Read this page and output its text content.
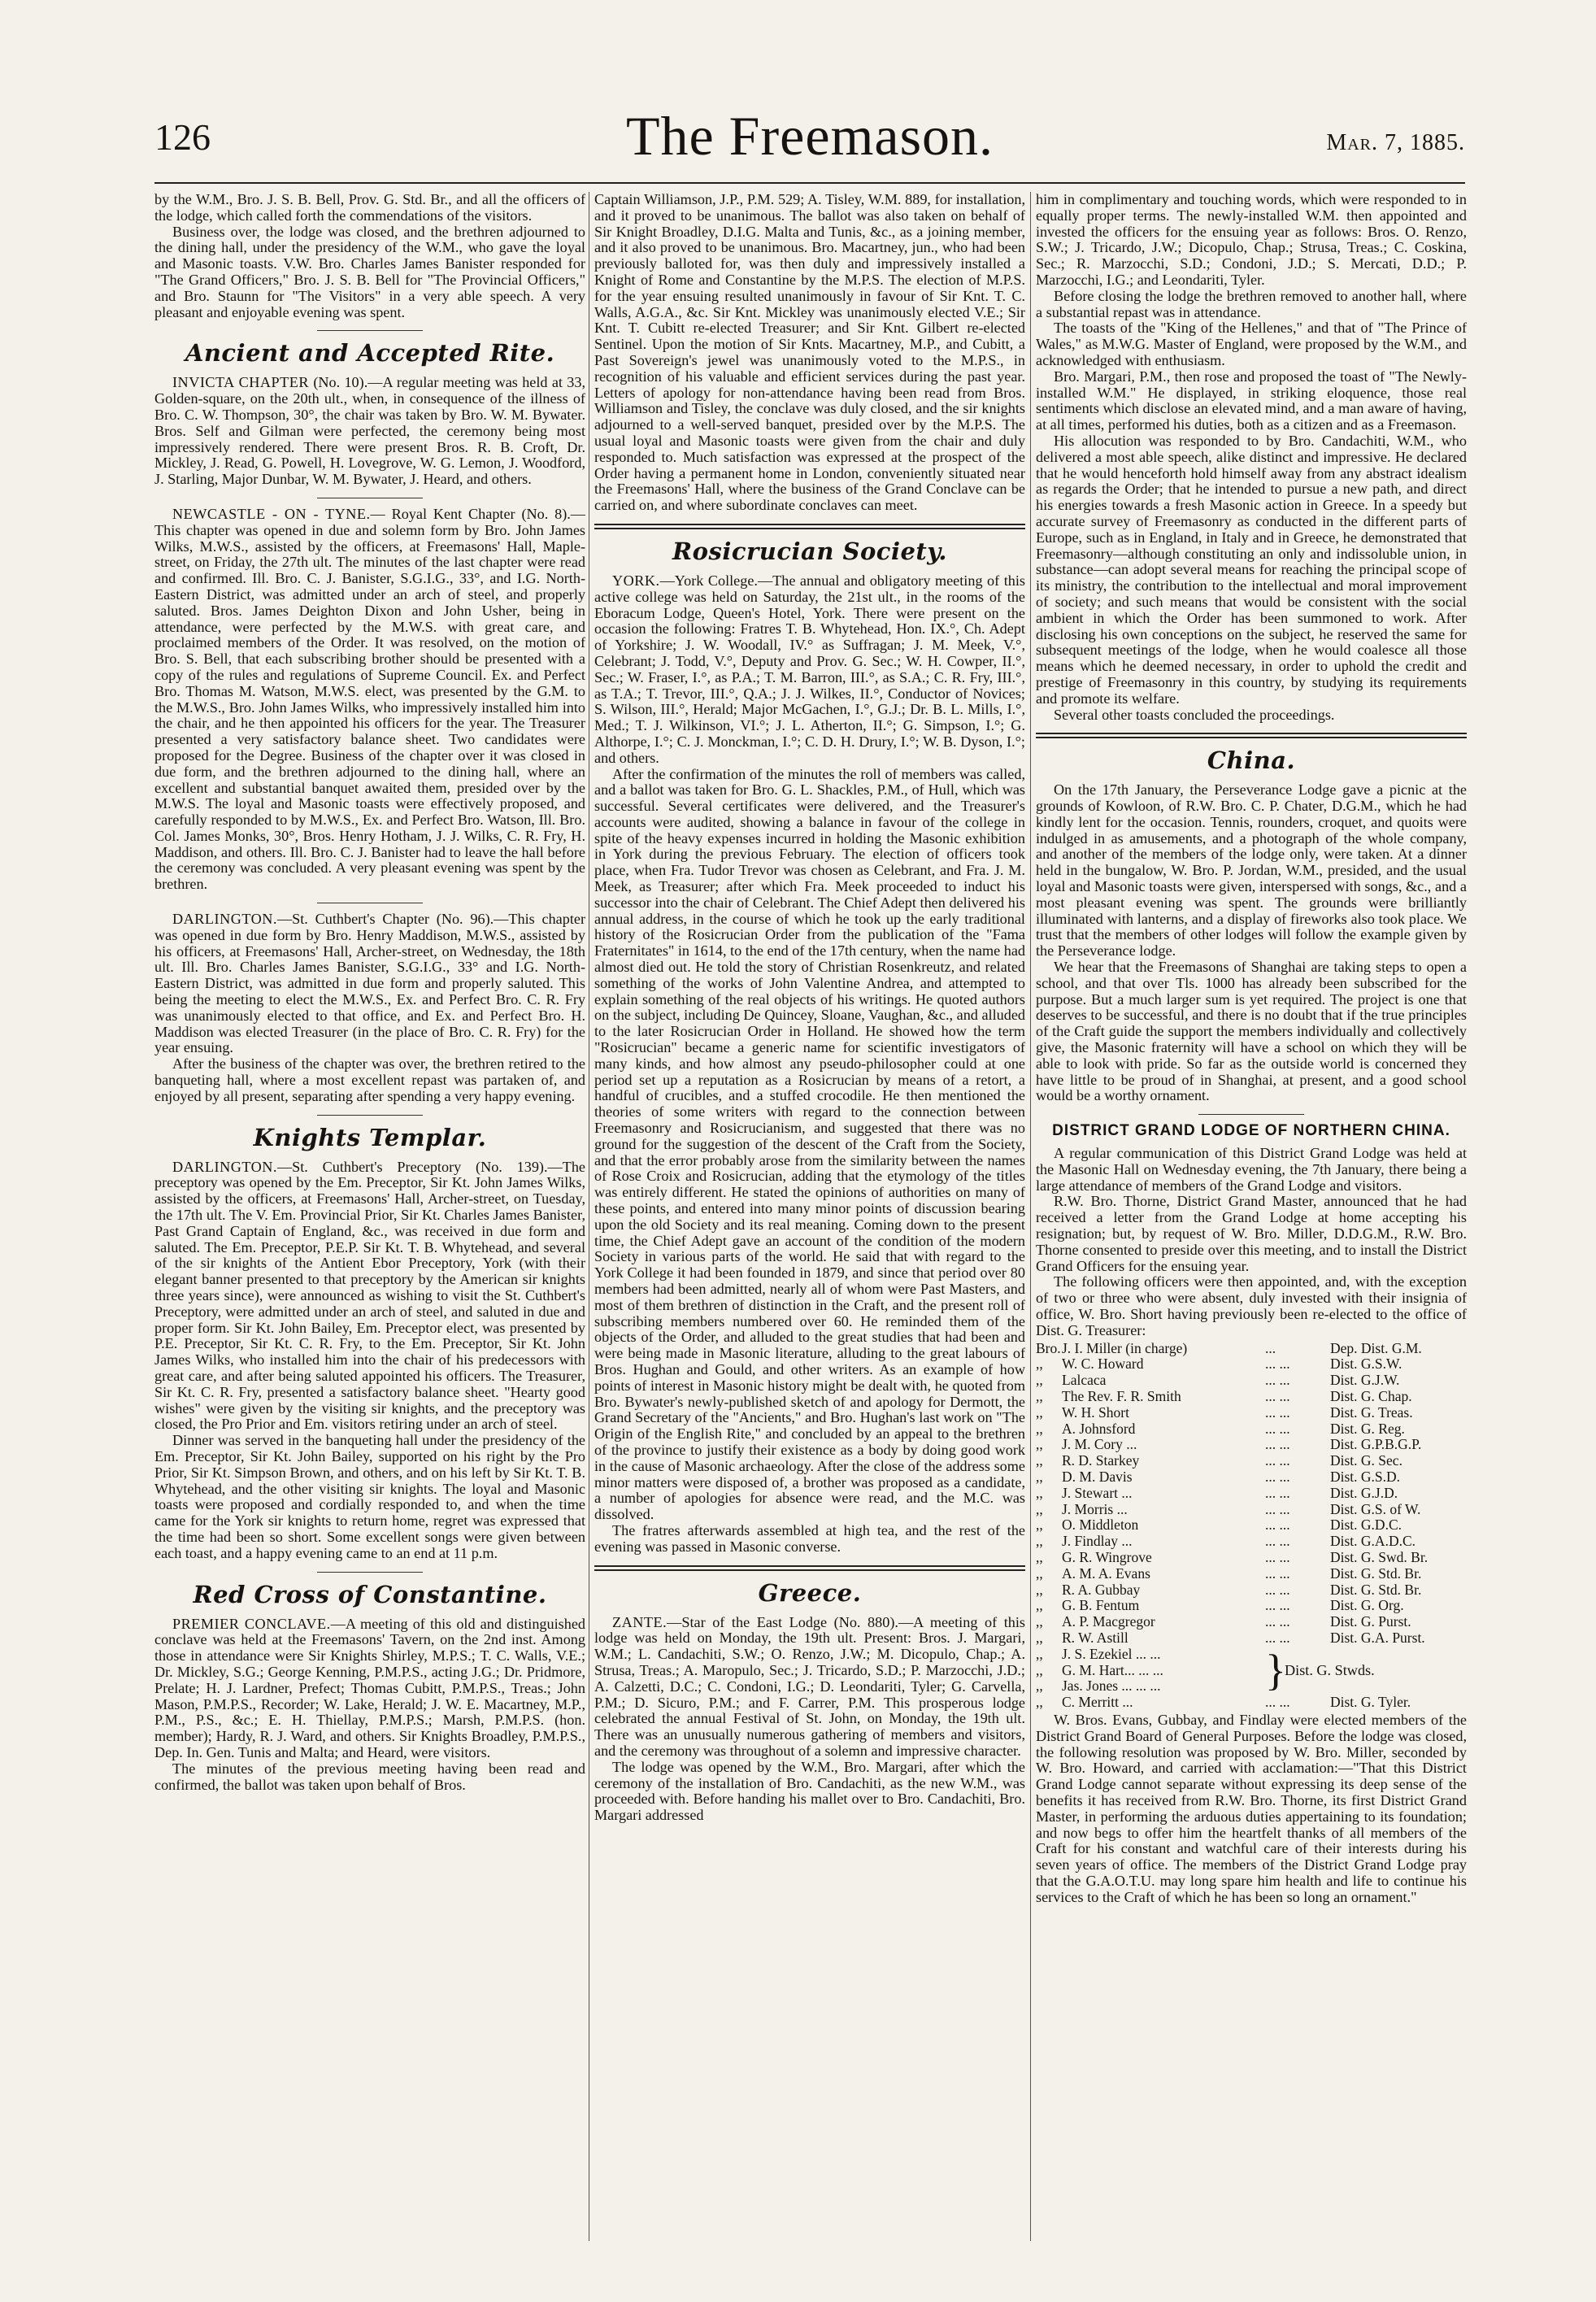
126	The Freemason.	Mar. 7, 1885.

by the W.M., Bro. J. S. B. Bell, Prov. G. Std. Br., and all the officers of the lodge, which called forth the commendations of the visitors.

Business over, the lodge was closed, and the brethren adjourned to the dining hall, under the presidency of the W.M., who gave the loyal and Masonic toasts. V.W. Bro. Charles James Banister responded for "The Grand Officers," Bro. J. S. B. Bell for "The Provincial Officers," and Bro. Staunn for "The Visitors" in a very able speech. A very pleasant and enjoyable evening was spent.

Ancient and Accepted Rite.

INVICTA CHAPTER (No. 10).—A regular meeting was held at 33, Golden-square, on the 20th ult., when, in consequence of the illness of Bro. C. W. Thompson, 30°, the chair was taken by Bro. W. M. Bywater. Bros. Self and Gilman were perfected, the ceremony being most impressively rendered. There were present Bros. R. B. Croft, Dr. Mickley, J. Read, G. Powell, H. Lovegrove, W. G. Lemon, J. Woodford, J. Starling, Major Dunbar, W. M. Bywater, J. Heard, and others.

NEWCASTLE - ON - TYNE.— Royal Kent Chapter (No. 8).—This chapter was opened in due and solemn form by Bro. John James Wilks, M.W.S., assisted by the officers, at Freemasons' Hall, Maple-street, on Friday, the 27th ult. The minutes of the last chapter were read and confirmed. Ill. Bro. C. J. Banister, S.G.I.G., 33°, and I.G. North-Eastern District, was admitted under an arch of steel, and properly saluted. Bros. James Deighton Dixon and John Usher, being in attendance, were perfected by the M.W.S. with great care, and proclaimed members of the Order. It was resolved, on the motion of Bro. S. Bell, that each subscribing brother should be presented with a copy of the rules and regulations of Supreme Council. Ex. and Perfect Bro. Thomas M. Watson, M.W.S. elect, was presented by the G.M. to the M.W.S., Bro. John James Wilks, who impressively installed him into the chair, and he then appointed his officers for the year. The Treasurer presented a very satisfactory balance sheet. Two candidates were proposed for the Degree. Business of the chapter over it was closed in due form, and the brethren adjourned to the dining hall, where an excellent and substantial banquet awaited them, presided over by the M.W.S. The loyal and Masonic toasts were effectively proposed, and carefully responded to by M.W.S., Ex. and Perfect Bro. Watson, Ill. Bro. Col. James Monks, 30°, Bros. Henry Hotham, J. J. Wilks, C. R. Fry, H. Maddison, and others. Ill. Bro. C. J. Banister had to leave the hall before the ceremony was concluded. A very pleasant evening was spent by the brethren.

DARLINGTON.—St. Cuthbert's Chapter (No. 96).—This chapter was opened in due form by Bro. Henry Maddison, M.W.S., assisted by his officers, at Freemasons' Hall, Archer-street, on Wednesday, the 18th ult. Ill. Bro. Charles James Banister, S.G.I.G., 33° and I.G. North-Eastern District, was admitted in due form and properly saluted. This being the meeting to elect the M.W.S., Ex. and Perfect Bro. C. R. Fry was unanimously elected to that office, and Ex. and Perfect Bro. H. Maddison was elected Treasurer (in the place of Bro. C. R. Fry) for the year ensuing.

After the business of the chapter was over, the brethren retired to the banqueting hall, where a most excellent repast was partaken of, and enjoyed by all present, separating after spending a very happy evening.

Knights Templar.

DARLINGTON.—St. Cuthbert's Preceptory (No. 139).—The preceptory was opened by the Em. Preceptor, Sir Kt. John James Wilks, assisted by the officers, at Freemasons' Hall, Archer-street, on Tuesday, the 17th ult. The V. Em. Provincial Prior, Sir Kt. Charles James Banister, Past Grand Captain of England, &c., was received in due form and saluted. The Em. Preceptor, P.E.P. Sir Kt. T. B. Whytehead, and several of the sir knights of the Antient Ebor Preceptory, York (with their elegant banner presented to that preceptory by the American sir knights three years since), were announced as wishing to visit the St. Cuthbert's Preceptory, were admitted under an arch of steel, and saluted in due and proper form. Sir Kt. John Bailey, Em. Preceptor elect, was presented by P.E. Preceptor, Sir Kt. C. R. Fry, to the Em. Preceptor, Sir Kt. John James Wilks, who installed him into the chair of his predecessors with great care, and after being saluted appointed his officers. The Treasurer, Sir Kt. C. R. Fry, presented a satisfactory balance sheet. "Hearty good wishes" were given by the visiting sir knights, and the preceptory was closed, the Pro Prior and Em. visitors retiring under an arch of steel.

Dinner was served in the banqueting hall under the presidency of the Em. Preceptor, Sir Kt. John Bailey, supported on his right by the Pro Prior, Sir Kt. Simpson Brown, and others, and on his left by Sir Kt. T. B. Whytehead, and the other visiting sir knights. The loyal and Masonic toasts were proposed and cordially responded to, and when the time came for the York sir knights to return home, regret was expressed that the time had been so short. Some excellent songs were given between each toast, and a happy evening came to an end at 11 p.m.

Red Cross of Constantine.

PREMIER CONCLAVE.—A meeting of this old and distinguished conclave was held at the Freemasons' Tavern, on the 2nd inst. Among those in attendance were Sir Knights Shirley, M.P.S.; T. C. Walls, V.E.; Dr. Mickley, S.G.; George Kenning, P.M.P.S., acting J.G.; Dr. Pridmore, Prelate; H. J. Lardner, Prefect; Thomas Cubitt, P.M.P.S., Treas.; John Mason, P.M.P.S., Recorder; W. Lake, Herald; J. W. E. Macartney, M.P., P.M., P.S., &c.; E. H. Thiellay, P.M.P.S.; Marsh, P.M.P.S. (hon. member); Hardy, R. J. Ward, and others. Sir Knights Broadley, P.M.P.S., Dep. In. Gen. Tunis and Malta; and Heard, were visitors.

The minutes of the previous meeting having been read and confirmed, the ballot was taken upon behalf of Bros.

Captain Williamson, J.P., P.M. 529; A. Tisley, W.M. 889, for installation, and it proved to be unanimous. The ballot was also taken on behalf of Sir Knight Broadley, D.I.G. Malta and Tunis, &c., as a joining member, and it also proved to be unanimous. Bro. Macartney, jun., who had been previously balloted for, was then duly and impressively installed a Knight of Rome and Constantine by the M.P.S. The election of M.P.S. for the year ensuing resulted unanimously in favour of Sir Knt. T. C. Walls, A.G.A., &c. Sir Knt. Mickley was unanimously elected V.E.; Sir Knt. T. Cubitt re-elected Treasurer; and Sir Knt. Gilbert re-elected Sentinel. Upon the motion of Sir Knts. Macartney, M.P., and Cubitt, a Past Sovereign's jewel was unanimously voted to the M.P.S., in recognition of his valuable and efficient services during the past year. Letters of apology for non-attendance having been read from Bros. Williamson and Tisley, the conclave was duly closed, and the sir knights adjourned to a well-served banquet, presided over by the M.P.S. The usual loyal and Masonic toasts were given from the chair and duly responded to. Much satisfaction was expressed at the prospect of the Order having a permanent home in London, conveniently situated near the Freemasons' Hall, where the business of the Grand Conclave can be carried on, and where subordinate conclaves can meet.

Rosicrucian Society.

YORK.—York College.—The annual and obligatory meeting of this active college was held on Saturday, the 21st ult., in the rooms of the Eboracum Lodge, Queen's Hotel, York. There were present on the occasion the following: Fratres T. B. Whytehead, Hon. IX.°, Ch. Adept of Yorkshire; J. W. Woodall, IV.° as Suffragan; J. M. Meek, V.°, Celebrant; J. Todd, V.°, Deputy and Prov. G. Sec.; W. H. Cowper, II.°, Sec.; W. Fraser, I.°, as P.A.; T. M. Barron, III.°, as S.A.; C. R. Fry, III.°, as T.A.; T. Trevor, III.°, Q.A.; J. J. Wilkes, II.°, Conductor of Novices; S. Wilson, III.°, Herald; Major McGachen, I.°, G.J.; Dr. B. L. Mills, I.°, Med.; T. J. Wilkinson, VI.°; J. L. Atherton, II.°; G. Simpson, I.°; G. Althorpe, I.°; C. J. Monckman, I.°; C. D. H. Drury, I.°; W. B. Dyson, I.°; and others.

After the confirmation of the minutes the roll of members was called, and a ballot was taken for Bro. G. L. Shackles, P.M., of Hull, which was successful. Several certificates were delivered, and the Treasurer's accounts were audited, showing a balance in favour of the college in spite of the heavy expenses incurred in holding the Masonic exhibition in York during the previous February. The election of officers took place, when Fra. Tudor Trevor was chosen as Celebrant, and Fra. J. M. Meek, as Treasurer; after which Fra. Meek proceeded to induct his successor into the chair of Celebrant. The Chief Adept then delivered his annual address, in the course of which he took up the early traditional history of the Rosicrucian Order from the publication of the "Fama Fraternitates" in 1614, to the end of the 17th century, when the name had almost died out. He told the story of Christian Rosenkreutz, and related something of the works of John Valentine Andrea, and attempted to explain something of the real objects of his writings. He quoted authors on the subject, including De Quincey, Sloane, Vaughan, &c., and alluded to the later Rosicrucian Order in Holland. He showed how the term "Rosicrucian" became a generic name for scientific investigators of many kinds, and how almost any pseudo-philosopher could at one period set up a reputation as a Rosicrucian by means of a retort, a handful of crucibles, and a stuffed crocodile. He then mentioned the theories of some writers with regard to the connection between Freemasonry and Rosicrucianism, and suggested that there was no ground for the suggestion of the descent of the Craft from the Society, and that the error probably arose from the similarity between the names of Rose Croix and Rosicrucian, adding that the etymology of the titles was entirely different. He stated the opinions of authorities on many of these points, and entered into many minor points of discussion bearing upon the old Society and its real meaning. Coming down to the present time, the Chief Adept gave an account of the condition of the modern Society in various parts of the world. He said that with regard to the York College it had been founded in 1879, and since that period over 80 members had been admitted, nearly all of whom were Past Masters, and most of them brethren of distinction in the Craft, and the present roll of subscribing members numbered over 60. He reminded them of the objects of the Order, and alluded to the great studies that had been and were being made in Masonic literature, alluding to the great labours of Bros. Hughan and Gould, and other writers. As an example of how points of interest in Masonic history might be dealt with, he quoted from Bro. Bywater's newly-published sketch of and apology for Dermott, the Grand Secretary of the "Ancients," and Bro. Hughan's last work on "The Origin of the English Rite," and concluded by an appeal to the brethren of the province to justify their existence as a body by doing good work in the cause of Masonic archaeology. After the close of the address some minor matters were disposed of, a brother was proposed as a candidate, a number of apologies for absence were read, and the M.C. was dissolved.

The fratres afterwards assembled at high tea, and the rest of the evening was passed in Masonic converse.

Greece.

ZANTE.—Star of the East Lodge (No. 880).—A meeting of this lodge was held on Monday, the 19th ult. Present: Bros. J. Margari, W.M.; L. Candachiti, S.W.; O. Renzo, J.W.; M. Dicopulo, Chap.; A. Strusa, Treas.; A. Maropulo, Sec.; J. Tricardo, S.D.; P. Marzocchi, J.D.; A. Calzetti, D.C.; C. Condoni, I.G.; D. Leondariti, Tyler; G. Carvella, P.M.; D. Sicuro, P.M.; and F. Carrer, P.M. This prosperous lodge celebrated the annual Festival of St. John, on Monday, the 19th ult. There was an unusually numerous gathering of members and visitors, and the ceremony was throughout of a solemn and impressive character.

The lodge was opened by the W.M., Bro. Margari, after which the ceremony of the installation of Bro. Candachiti, as the new W.M., was proceeded with. Before handing his mallet over to Bro. Candachiti, Bro. Margari addressed

him in complimentary and touching words, which were responded to in equally proper terms. The newly-installed W.M. then appointed and invested the officers for the ensuing year as follows: Bros. O. Renzo, S.W.; J. Tricardo, J.W.; Dicopulo, Chap.; Strusa, Treas.; C. Coskina, Sec.; R. Marzocchi, S.D.; Condoni, J.D.; S. Mercati, D.D.; P. Marzocchi, I.G.; and Leondariti, Tyler.

Before closing the lodge the brethren removed to another hall, where a substantial repast was in attendance.

The toasts of the "King of the Hellenes," and that of "The Prince of Wales," as M.W.G. Master of England, were proposed by the W.M., and acknowledged with enthusiasm.

Bro. Margari, P.M., then rose and proposed the toast of "The Newly-installed W.M." He displayed, in striking eloquence, those real sentiments which disclose an elevated mind, and a man aware of having, at all times, performed his duties, both as a citizen and as a Freemason.

His allocution was responded to by Bro. Candachiti, W.M., who delivered a most able speech, alike distinct and impressive. He declared that he would henceforth hold himself away from any abstract idealism as regards the Order; that he intended to pursue a new path, and direct his energies towards a fresh Masonic action in Greece. In a speedy but accurate survey of Freemasonry as conducted in the different parts of Europe, such as in England, in Italy and in Greece, he demonstrated that Freemasonry—although constituting an only and indissoluble union, in substance—can adopt several means for reaching the principal scope of its ministry, the contribution to the intellectual and moral improvement of society; and such means that would be consistent with the social ambient in which the Order has been summoned to work. After disclosing his own conceptions on the subject, he reserved the same for subsequent meetings of the lodge, when he would coalesce all those means which he deemed necessary, in order to uphold the credit and prestige of Freemasonry in this country, by studying its requirements and promote its welfare.

Several other toasts concluded the proceedings.

China.

On the 17th January, the Perseverance Lodge gave a picnic at the grounds of Kowloon, of R.W. Bro. C. P. Chater, D.G.M., which he had kindly lent for the occasion. Tennis, rounders, croquet, and quoits were indulged in as amusements, and a photograph of the whole company, and another of the members of the lodge only, were taken. At a dinner held in the bungalow, W. Bro. P. Jordan, W.M., presided, and the usual loyal and Masonic toasts were given, interspersed with songs, &c., and a most pleasant evening was spent. The grounds were brilliantly illuminated with lanterns, and a display of fireworks also took place. We trust that the members of other lodges will follow the example given by the Perseverance lodge.

We hear that the Freemasons of Shanghai are taking steps to open a school, and that over Tls. 1000 has already been subscribed for the purpose. But a much larger sum is yet required. The project is one that deserves to be successful, and there is no doubt that if the true principles of the Craft guide the support the members individually and collectively give, the Masonic fraternity will have a school on which they will be able to look with pride. So far as the outside world is concerned they have little to be proud of in Shanghai, at present, and a good school would be a worthy ornament.

DISTRICT GRAND LODGE OF NORTHERN CHINA.

A regular communication of this District Grand Lodge was held at the Masonic Hall on Wednesday evening, the 7th January, there being a large attendance of members of the Grand Lodge and visitors.

R.W. Bro. Thorne, District Grand Master, announced that he had received a letter from the Grand Lodge at home accepting his resignation; but, by request of W. Bro. Miller, D.D.G.M., R.W. Bro. Thorne consented to preside over this meeting, and to install the District Grand Officers for the ensuing year.

The following officers were then appointed, and, with the exception of two or three who were absent, duly invested with their insignia of office, W. Bro. Short having previously been re-elected to the office of Dist. G. Treasurer:

Bro. J. I. Miller (in charge)	...	Dep. Dist. G.M.
,,	W. C. Howard	... ...	Dist. G.S.W.
,,	Lalcaca	... ...	Dist. G.J.W.
,,	The Rev. F. R. Smith	... ...	Dist. G. Chap.
,,	W. H. Short	... ...	Dist. G. Treas.
,,	A. Johnsford	... ...	Dist. G. Reg.
,,	J. M. Cory ...	... ...	Dist. G.P.B.G.P.
,,	R. D. Starkey	... ...	Dist. G. Sec.
,,	D. M. Davis	... ...	Dist. G.S.D.
,,	J. Stewart ...	... ...	Dist. G.J.D.
,,	J. Morris ...	... ...	Dist. G.S. of W.
,,	O. Middleton	... ...	Dist. G.D.C.
,,	J. Findlay ...	... ...	Dist. G.A.D.C.
,,	G. R. Wingrove	... ...	Dist. G. Swd. Br.
,,	A. M. A. Evans	... ...	Dist. G. Std. Br.
,,	R. A. Gubbay	... ...	Dist. G. Std. Br.
,,	G. B. Fentum	... ...	Dist. G. Org.
,,	A. P. Macgregor	... ...	Dist. G. Purst.
,,	R. W. Astill	... ...	Dist. G.A. Purst.
,,	J. S. Ezekiel ... ...
,,	G. M. Hart... ... ...
,,	Jas. Jones ... ... ...	}
Dist. G. Stwds.
,,	C. Merritt ...	... ...	Dist. G. Tyler.

W. Bros. Evans, Gubbay, and Findlay were elected members of the District Grand Board of General Purposes. Before the lodge was closed, the following resolution was proposed by W. Bro. Miller, seconded by W. Bro. Howard, and carried with acclamation:—"That this District Grand Lodge cannot separate without expressing its deep sense of the benefits it has received from R.W. Bro. Thorne, its first District Grand Master, in performing the arduous duties appertaining to its foundation; and now begs to offer him the heartfelt thanks of all members of the Craft for his constant and watchful care of their interests during his seven years of office. The members of the District Grand Lodge pray that the G.A.O.T.U. may long spare him health and life to continue his services to the Craft of which he has been so long an ornament."
